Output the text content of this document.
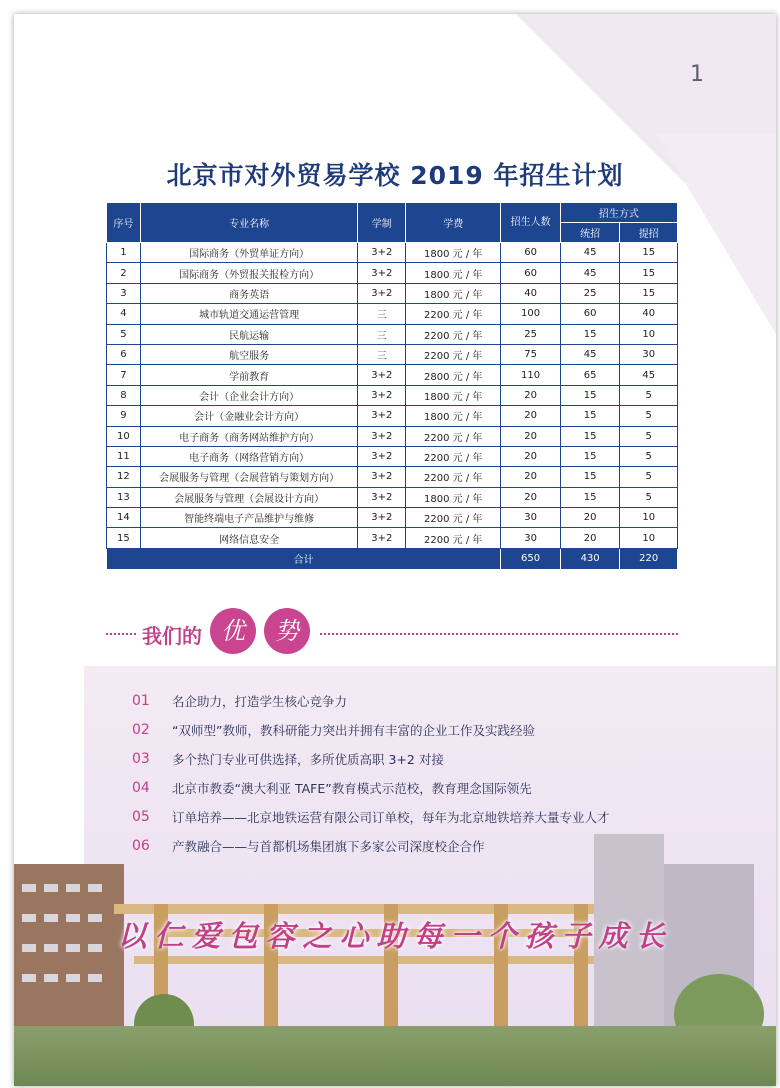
1
北京市对外贸易学校 2019 年招生计划
序号	专业名称	学制	学费	招生人数	招生方式	
					统招	提招
1	国际商务（外贸单证方向）	3+2	1800 元 / 年	60	45	15
2	国际商务（外贸报关报检方向）	3+2	1800 元 / 年	60	45	15
3	商务英语	3+2	1800 元 / 年	40	25	15
4	城市轨道交通运营管理	三	2200 元 / 年	100	60	40
5	民航运输	三	2200 元 / 年	25	15	10
6	航空服务	三	2200 元 / 年	75	45	30
7	学前教育	3+2	2800 元 / 年	110	65	45
8	会计（企业会计方向）	3+2	1800 元 / 年	20	15	5
9	会计（金融业会计方向）	3+2	1800 元 / 年	20	15	5
10	电子商务（商务网站维护方向）	3+2	2200 元 / 年	20	15	5
11	电子商务（网络营销方向）	3+2	2200 元 / 年	20	15	5
12	会展服务与管理（会展营销与策划方向）	3+2	2200 元 / 年	20	15	5
13	会展服务与管理（会展设计方向）	3+2	1800 元 / 年	20	15	5
14	智能终端电子产品维护与维修	3+2	2200 元 / 年	30	20	10
15	网络信息安全	3+2	2200 元 / 年	30	20	10
合计				650	430	220
我们的 优	势
01	名企助力，打造学生核心竞争力
02	“双师型”教师，教科研能力突出并拥有丰富的企业工作及实践经验
03	多个热门专业可供选择，多所优质高职 3+2 对接
04	北京市教委“澳大利亚 TAFE”教育模式示范校，教育理念国际领先
05	订单培养——北京地铁运营有限公司订单校，每年为北京地铁培养大量专业人才
06	产教融合——与首都机场集团旗下多家公司深度校企合作
以仁爱包容之心助每一个孩子成长
